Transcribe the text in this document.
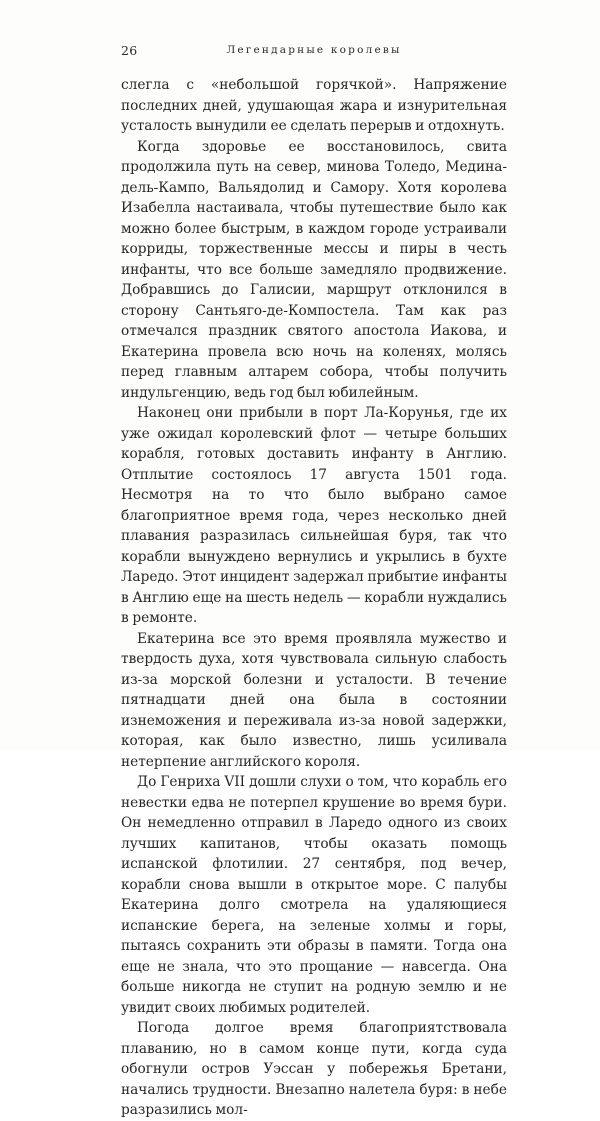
26	Легендарные королевы

слегла с «небольшой горячкой». Напряжение последних дней, удушающая жара и изнурительная усталость вынудили ее сделать перерыв и отдохнуть.

Когда здоровье ее восстановилось, свита продолжила путь на север, минова Толедо, Медина-дель-Кампо, Вальядолид и Самору. Хотя королева Изабелла настаивала, чтобы путешествие было как можно более быстрым, в каждом городе устраивали корриды, торжественные мессы и пиры в честь инфанты, что все больше замедляло продвижение. Добравшись до Галисии, маршрут отклонился в сторону Сантьяго-де-Компостела. Там как раз отмечался праздник святого апостола Иакова, и Екатерина провела всю ночь на коленях, молясь перед главным алтарем собора, чтобы получить индульгенцию, ведь год был юбилейным.

Наконец они прибыли в порт Ла-Корунья, где их уже ожидал королевский флот — четыре больших корабля, готовых доставить инфанту в Англию. Отплытие состоялось 17 августа 1501 года. Несмотря на то что было выбрано самое благоприятное время года, через несколько дней плавания разразилась сильнейшая буря, так что корабли вынуждено вернулись и укрылись в бухте Ларедо. Этот инцидент задержал прибытие инфанты в Англию еще на шесть недель — корабли нуждались в ремонте.

Екатерина все это время проявляла мужество и твердость духа, хотя чувствовала сильную слабость из-за морской болезни и усталости. В течение пятнадцати дней она была в состоянии изнеможения и переживала из-за новой задержки, которая, как было известно, лишь усиливала нетерпение английского короля.

До Генриха VII дошли слухи о том, что корабль его невестки едва не потерпел крушение во время бури. Он немедленно отправил в Ларедо одного из своих лучших капитанов, чтобы оказать помощь испанской флотилии. 27 сентября, под вечер, корабли снова вышли в открытое море. С палубы Екатерина долго смотрела на удаляющиеся испанские берега, на зеленые холмы и горы, пытаясь сохранить эти образы в памяти. Тогда она еще не знала, что это прощание — навсегда. Она больше никогда не ступит на родную землю и не увидит своих любимых родителей.

Погода долгое время благоприятствовала плаванию, но в самом конце пути, когда суда обогнули остров Уэссан у побережья Бретани, начались трудности. Внезапно налетела буря: в небе разразились мол-
